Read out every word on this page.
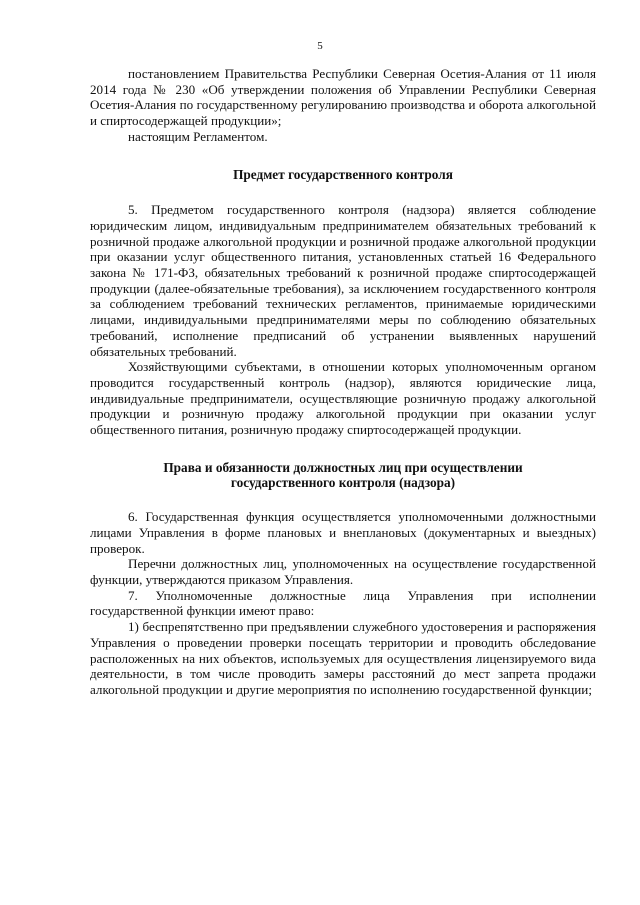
5

постановлением Правительства Республики Северная Осетия-Алания от 11 июля 2014 года № 230 «Об утверждении положения об Управлении Республики Северная Осетия-Алания по государственному регулированию производства и оборота алкогольной и спиртосодержащей продукции»;

настоящим Регламентом.

Предмет государственного контроля

5. Предметом государственного контроля (надзора) является соблюдение юридическим лицом, индивидуальным предпринимателем обязательных требований к розничной продаже алкогольной продукции и розничной продаже алкогольной продукции при оказании услуг общественного питания, установленных статьей 16 Федерального закона № 171-ФЗ, обязательных требований к розничной продаже спиртосодержащей продукции (далее-обязательные требования), за исключением государственного контроля за соблюдением требований технических регламентов, принимаемые юридическими лицами, индивидуальными предпринимателями меры по соблюдению обязательных требований, исполнение предписаний об устранении выявленных нарушений обязательных требований.

Хозяйствующими субъектами, в отношении которых уполномоченным органом проводится государственный контроль (надзор), являются юридические лица, индивидуальные предприниматели, осуществляющие розничную продажу алкогольной продукции и розничную продажу алкогольной продукции при оказании услуг общественного питания, розничную продажу спиртосодержащей продукции.

Права и обязанности должностных лиц при осуществлении
государственного контроля (надзора)

6. Государственная функция осуществляется уполномоченными должностными лицами Управления в форме плановых и внеплановых (документарных и выездных) проверок.

Перечни должностных лиц, уполномоченных на осуществление государственной функции, утверждаются приказом Управления.

7. Уполномоченные должностные лица Управления при исполнении государственной функции имеют право:

1) беспрепятственно при предъявлении служебного удостоверения и распоряжения Управления о проведении проверки посещать территории и проводить обследование расположенных на них объектов, используемых для осуществления лицензируемого вида деятельности, в том числе проводить замеры расстояний до мест запрета продажи алкогольной продукции и другие мероприятия по исполнению государственной функции;
